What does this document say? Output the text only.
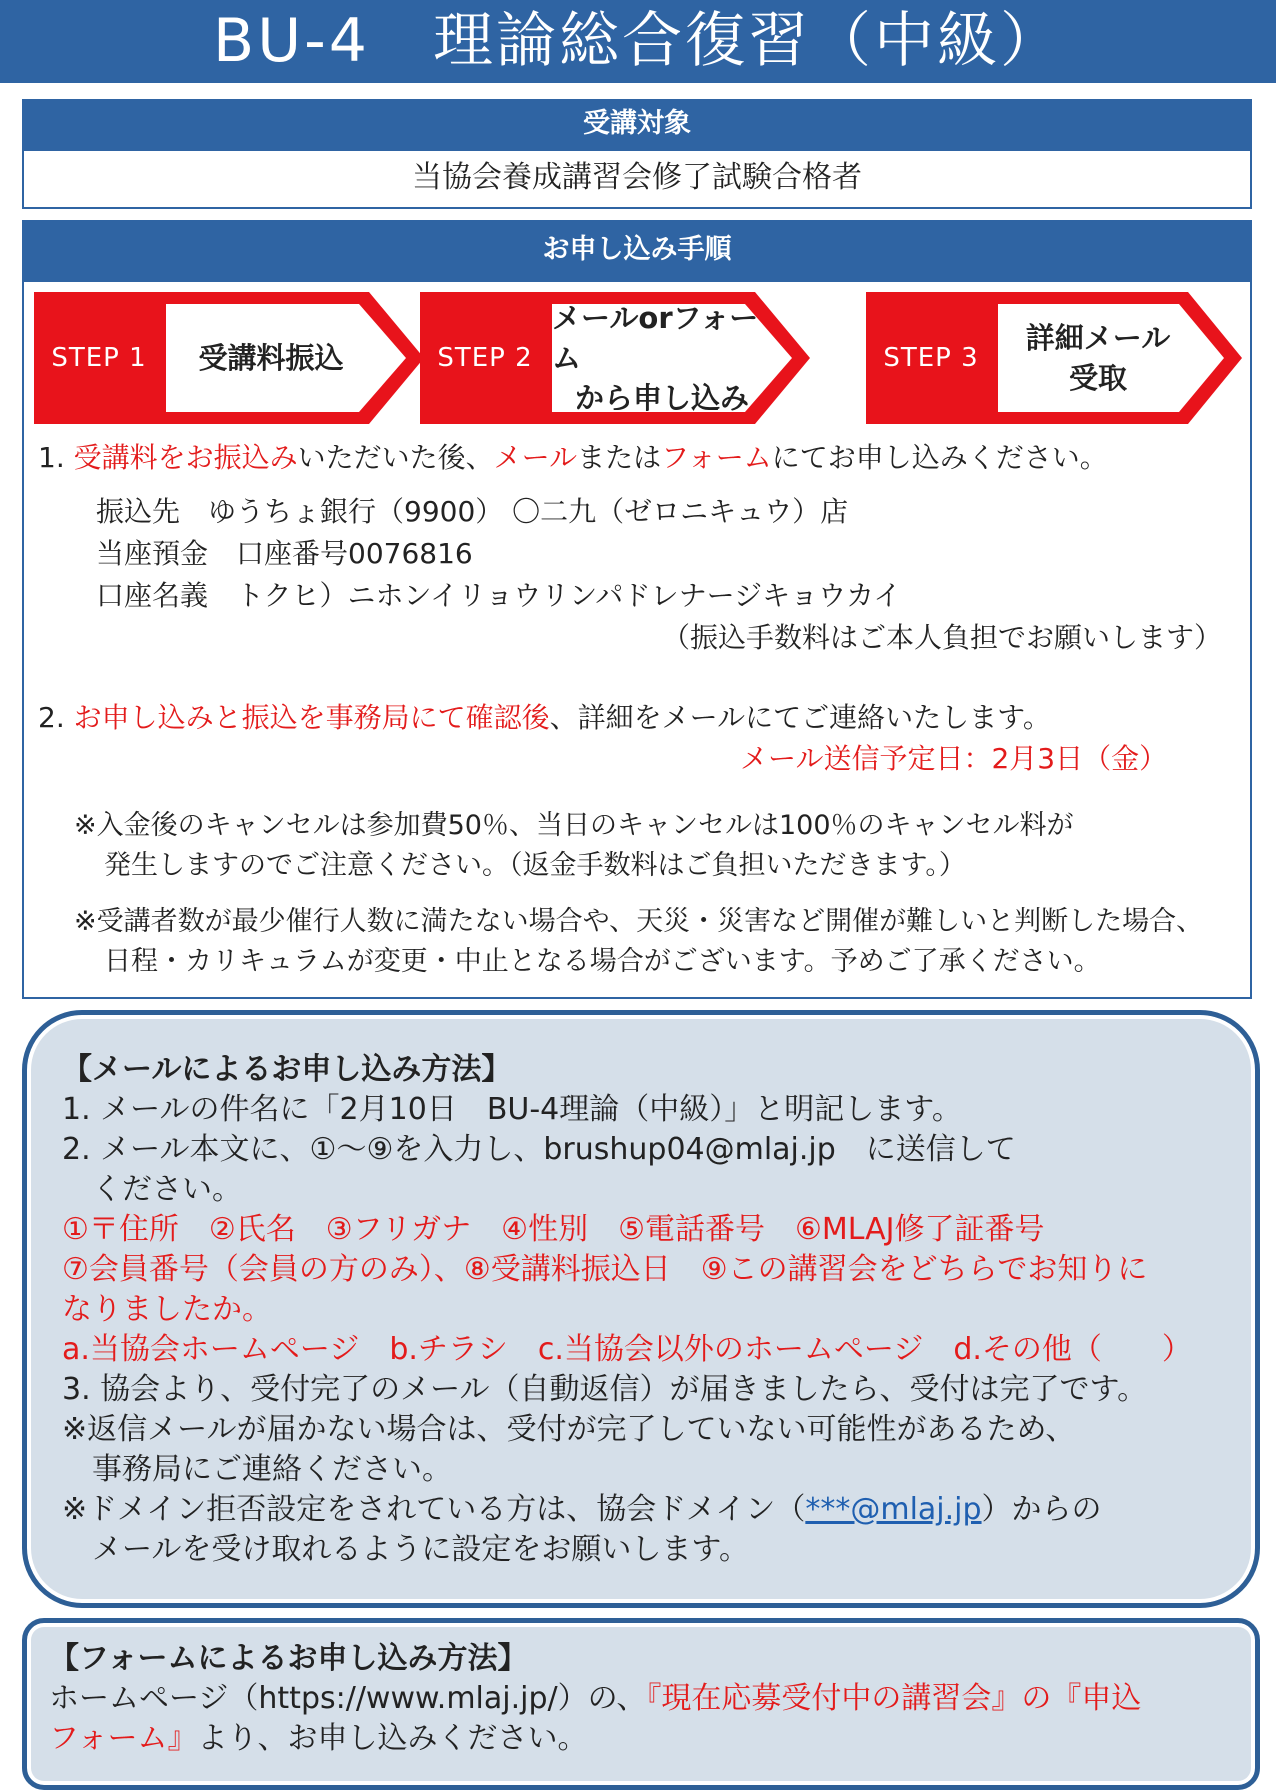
BU-4　理論総合復習（中級）
受講対象
当協会養成講習会修了試験合格者
お申し込み手順
STEP 1	受講料振込	STEP 2
メールorフォーム
から申し込み
STEP 3
詳細メール
受取
1. 受講料をお振込みいただいた後、メールまたはフォームにてお申し込みください。
振込先　ゆうちょ銀行（9900） 〇二九（ゼロニキュウ）店
当座預金　口座番号0076816
口座名義　トクヒ）ニホンイリョウリンパドレナージキョウカイ
（振込手数料はご本人負担でお願いします）
2. お申し込みと振込を事務局にて確認後、詳細をメールにてご連絡いたします。
メール送信予定日：2月3日（金）
※入金後のキャンセルは参加費50％、当日のキャンセルは100％のキャンセル料が
発生しますのでご注意ください。（返金手数料はご負担いただきます。）
※受講者数が最少催行人数に満たない場合や、天災・災害など開催が難しいと判断した場合、
日程・カリキュラムが変更・中止となる場合がございます。予めご了承ください。
【メールによるお申し込み方法】
1. メールの件名に「2月10日　BU-4理論（中級）」と明記します。
2. メール本文に、①～⑨を入力し、brushup04@mlaj.jp　に送信して
　ください。
①〒住所　②氏名　③フリガナ　④性別　⑤電話番号　⑥MLAJ修了証番号
⑦会員番号（会員の方のみ）、⑧受講料振込日　⑨この講習会をどちらでお知りに
なりましたか。
a.当協会ホームページ　b.チラシ　c.当協会以外のホームページ　d.その他（　　）
3. 協会より、受付完了のメール（自動返信）が届きましたら、受付は完了です。
※返信メールが届かない場合は、受付が完了していない可能性があるため、
　事務局にご連絡ください。
※ドメイン拒否設定をされている方は、協会ドメイン（***@mlaj.jp）からの
　メールを受け取れるように設定をお願いします。
【フォームによるお申し込み方法】
ホームページ（https://www.mlaj.jp/）の、『現在応募受付中の講習会』の『申込
フォーム』より、お申し込みください。
